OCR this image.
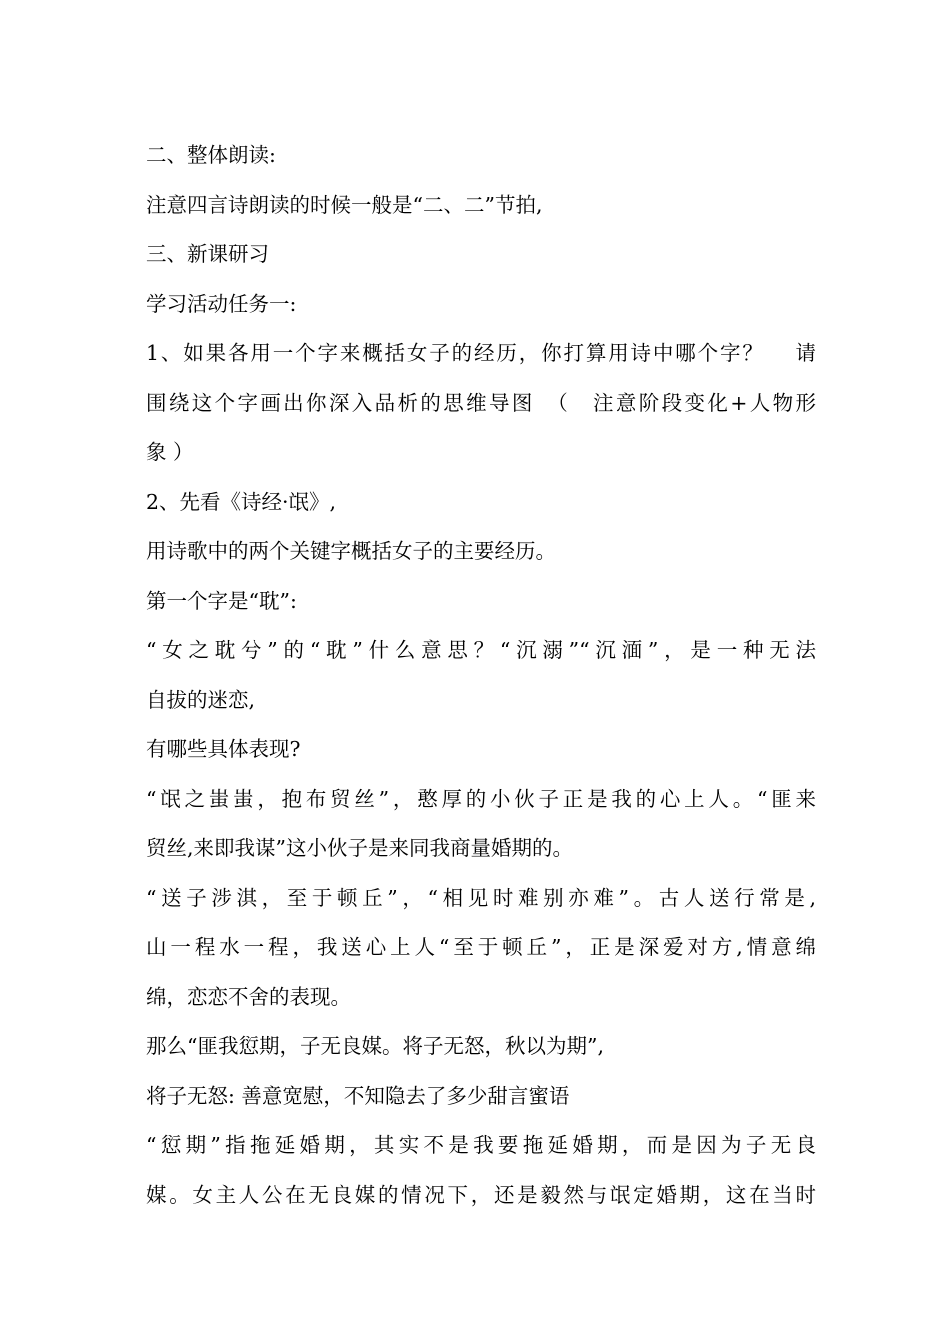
二、整体朗读:
注意四言诗朗读的时候一般是“二、二”节拍,
三、新课研习
学习活动任务一:
1、如果各用一个字来概括女子的经历，你打算用诗中哪个字？　 请
围绕这个字画出你深入品析的思维导图　（　注意阶段变化+人物形
象 ）
2、先看《诗经·氓》,
用诗歌中的两个关键字概括女子的主要经历。
第一个字是“耽”:
“女之耽兮”的“耽”什么意思？“沉溺”“沉湎”，是一种无法
自拔的迷恋,
有哪些具体表现?
“氓之蚩蚩，抱布贸丝”，憨厚的小伙子正是我的心上人。“匪来
贸丝,来即我谋”这小伙子是来同我商量婚期的。
“送子涉淇，至于顿丘”，“相见时难别亦难”。古人送行常是,
山一程水一程，我送心上人“至于顿丘”，正是深爱对方,情意绵
绵，恋恋不舍的表现。
那么“匪我愆期，子无良媒。将子无怒，秋以为期”,
将子无怒: 善意宽慰，不知隐去了多少甜言蜜语
“愆期”指拖延婚期，其实不是我要拖延婚期，而是因为子无良
媒。女主人公在无良媒的情况下，还是毅然与氓定婚期，这在当时
